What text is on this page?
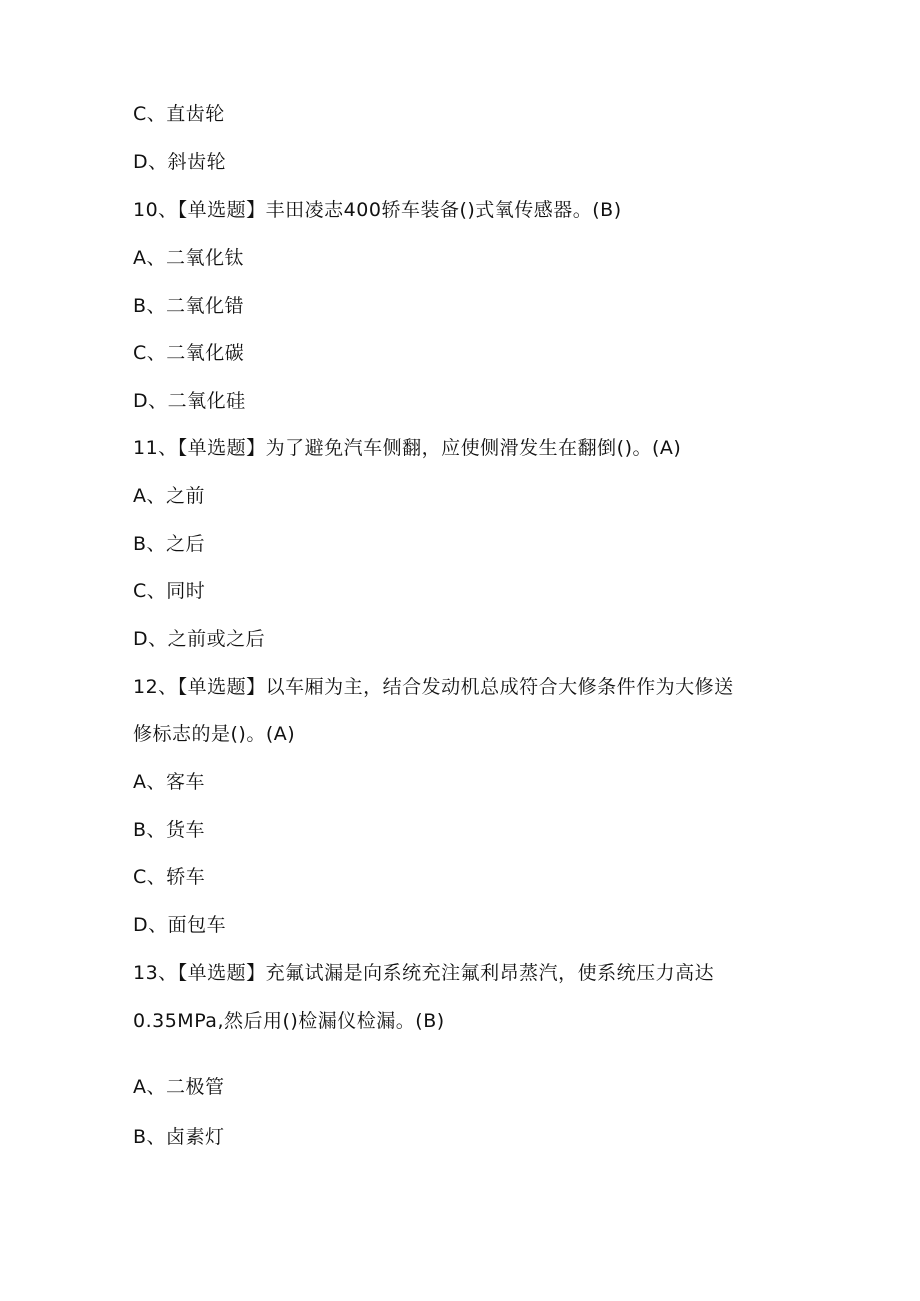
C、直齿轮
D、斜齿轮
10、【单选题】丰田凌志400轿车装备()式氧传感器。(B)
A、二氧化钛
B、二氧化错
C、二氧化碳
D、二氧化硅
11、【单选题】为了避免汽车侧翻，应使侧滑发生在翻倒()。(A)
A、之前
B、之后
C、同时
D、之前或之后
12、【单选题】以车厢为主，结合发动机总成符合大修条件作为大修送
修标志的是()。(A)
A、客车
B、货车
C、轿车
D、面包车
13、【单选题】充氟试漏是向系统充注氟利昂蒸汽，使系统压力高达
0.35MPa,然后用()检漏仪检漏。(B)
A、二极管
B、卤素灯
